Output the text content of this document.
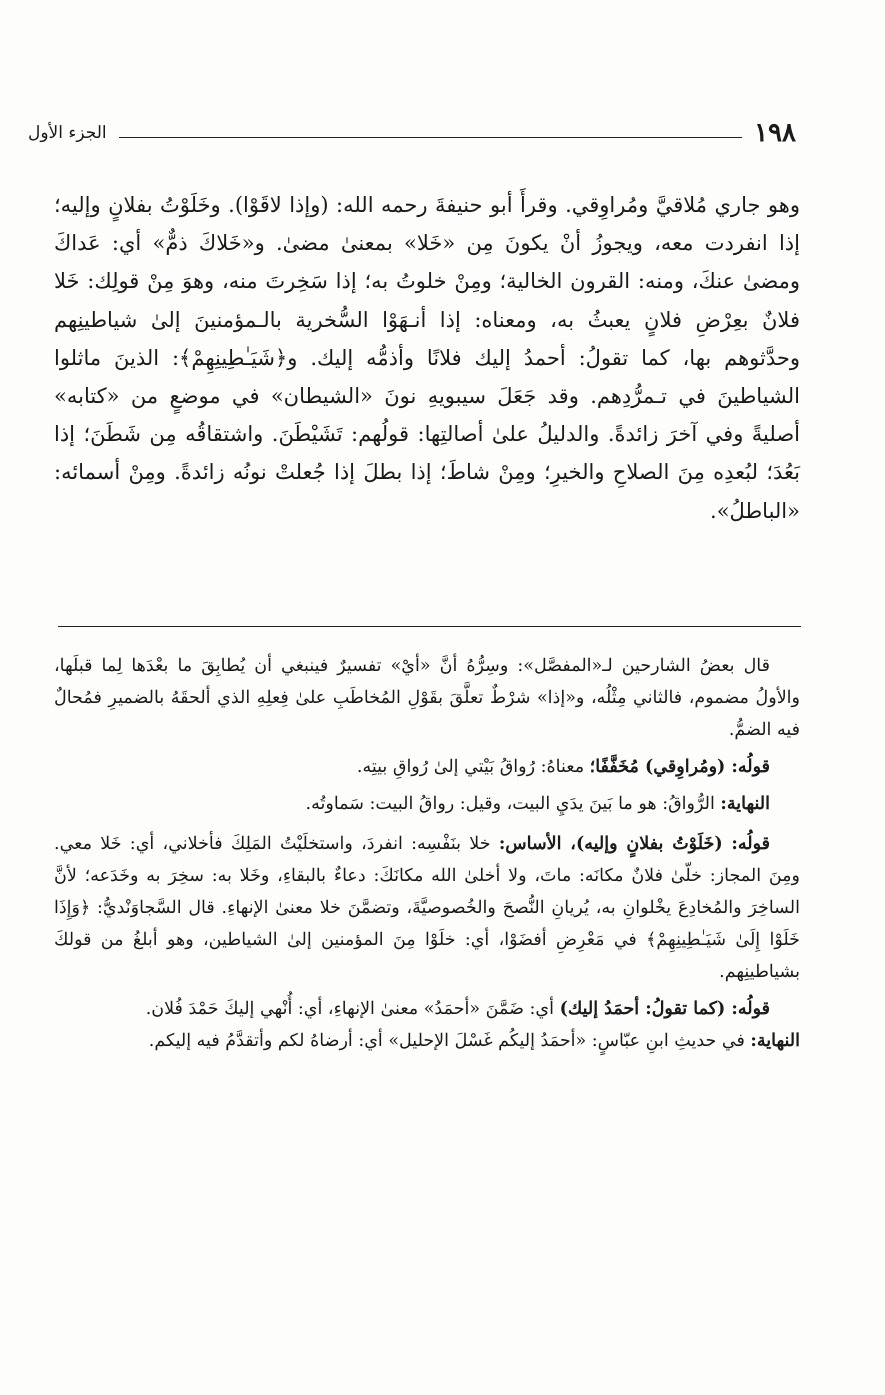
١٩٨
الجزء الأول

وهو جاري مُلاقيَّ ومُراوِقي. وقرأَ أبو حنيفةَ رحمه الله: (وإذا لاقَوْا). وخَلَوْتُ بفلانٍ وإليه؛ إذا انفردت معه، ويجوزُ أنْ يكونَ مِن «خَلا» بمعنىٰ مضىٰ. و«خَلاكَ ذمٌّ» أي: عَداكَ ومضىٰ عنكَ، ومنه: القرون الخالية؛ ومِنْ خلوتُ به؛ إذا سَخِرتَ منه، وهوَ مِنْ قولِك: خَلا فلانٌ بعِرْضِ فلانٍ يعبثُ به، ومعناه: إذا أنـهَوْا السُّخرية بالـمؤمنينَ إلىٰ شياطينِهم وحدَّثوهم بها، كما تقولُ: أحمدُ إليك فلانًا وأذمُّه إليك. و﴿شَيَـٰطِينِهِمْ﴾: الذينَ ماثلوا الشياطينَ في تـمرُّدِهم. وقد جَعَلَ سيبويهِ نونَ «الشيطان» في موضعٍ من «كتابه» أصليةً وفي آخرَ زائدةً. والدليلُ علىٰ أصالتِها: قولُهم: تَشَيْطَنَ. واشتقاقُه مِن شَطَنَ؛ إذا بَعُدَ؛ لبُعدِه مِنَ الصلاحِ والخيرِ؛ ومِنْ شاطَ؛ إذا بطلَ إذا جُعلتْ نونُه زائدةً. ومِنْ أسمائه: «الباطلُ».

قال بعضُ الشارحين لـ«المفصَّل»: وسِرُّهُ أنَّ «أيْ» تفسيرٌ فينبغي أن يُطابِقَ ما بعْدَها لِما قبلَها، والأولُ مضموم، فالثاني مِثْلُه، و«إذا» شرْطٌ تعلَّقَ بقَوْلِ المُخاطَبِ علىٰ فِعلِهِ الذي ألحقَهُ بالضميرِ فمُحالٌ فيه الضمُّ.

قولُه: (ومُراوِقي) مُخَفَّفًا؛ معناهُ: رُواقُ بَيْتي إلىٰ رُواقِ بيتِه.

النهاية: الرُّواقُ: هو ما بَينَ يدَيِ البيت، وقيل: رواقُ البيت: سَماوتُه.

قولُه: (خَلَوْتُ بفلانٍ وإليه)، الأساس: خلا بنَفْسِه: انفردَ، واستخلَيْتُ المَلِكَ فأخلاني، أي: خَلا معي. ومِنَ المجاز: خلّىٰ فلانٌ مكانَه: ماتَ، ولا أخلىٰ الله مكانَكَ: دعاءٌ بالبقاءِ، وخَلا به: سخِرَ به وخَدَعه؛ لأنَّ الساخِرَ والمُخادِعَ يخْلوانِ به، يُريانِ النُّصحَ والخُصوصيَّةَ، وتضمَّنَ خلا معنىٰ الإنهاءِ. قال السَّجاوَنْديُّ: ﴿وَإِذَا خَلَوْا إِلَىٰ شَيَـٰطِينِهِمْ﴾ في مَعْرِضِ أفضَوْا، أي: خلَوْا مِنَ المؤمنين إلىٰ الشياطين، وهو أبلغُ من قولكَ بشياطينِهم.

قولُه: (كما تقولُ: أحمَدُ إليك) أي: ضَمَّنَ «أحمَدُ» معنىٰ الإنهاءِ، أي: أُنْهي إليكَ حَمْدَ فُلان.

النهاية: في حديثِ ابنِ عبّاسٍ: «أحمَدُ إليكُم غَسْلَ الإحليل» أي: أرضاهُ لكم وأتقدَّمُ فيه إليكم.
